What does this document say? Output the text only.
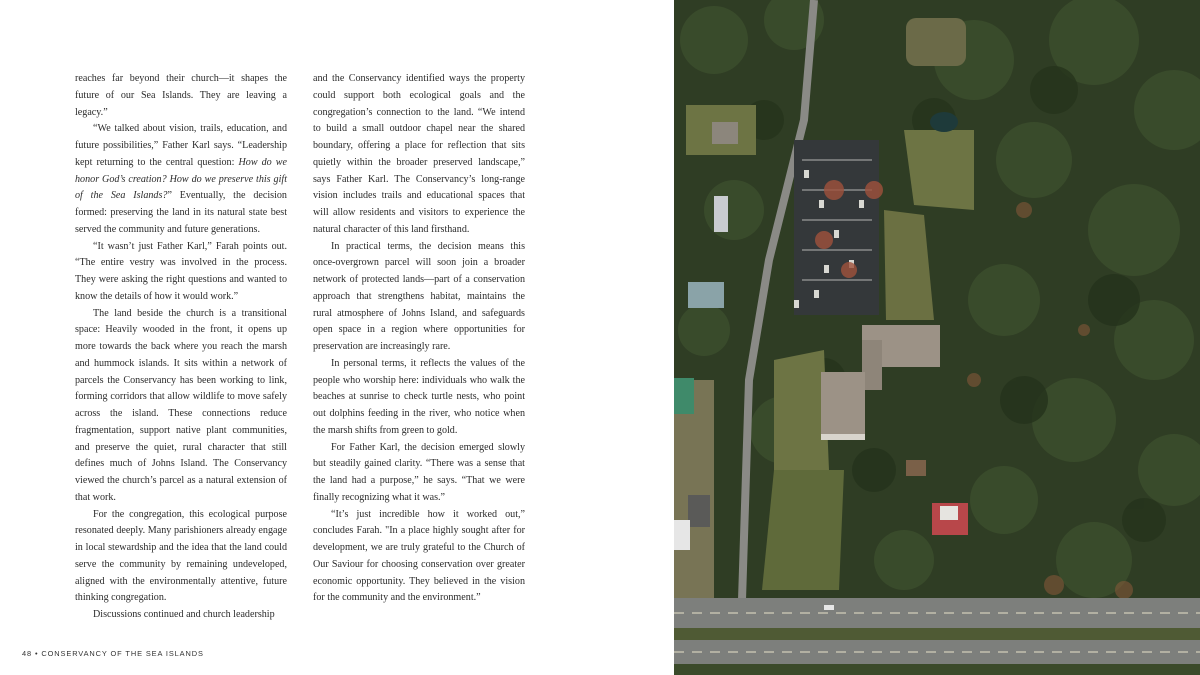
reaches far beyond their church—it shapes the future of our Sea Islands. They are leaving a legacy.”

“We talked about vision, trails, education, and future possibilities,” Father Karl says. “Leadership kept returning to the central question: How do we honor God’s creation? How do we preserve this gift of the Sea Islands?” Eventually, the decision formed: preserving the land in its natural state best served the community and future generations.

“It wasn’t just Father Karl,” Farah points out. “The entire vestry was involved in the process. They were asking the right questions and wanted to know the details of how it would work.”

The land beside the church is a transitional space: Heavily wooded in the front, it opens up more towards the back where you reach the marsh and hummock islands. It sits within a network of parcels the Conservancy has been working to link, forming corridors that allow wildlife to move safely across the island. These connections reduce fragmentation, support native plant communities, and preserve the quiet, rural character that still defines much of Johns Island. The Conservancy viewed the church’s parcel as a natural extension of that work.

For the congregation, this ecological purpose resonated deeply. Many parishioners already engage in local stewardship and the idea that the land could serve the community by remaining undeveloped, aligned with the environmentally attentive, future thinking congregation.

Discussions continued and church leadership

and the Conservancy identified ways the property could support both ecological goals and the congregation’s connection to the land. “We intend to build a small outdoor chapel near the shared boundary, offering a place for reflection that sits quietly within the broader preserved landscape,” says Father Karl. The Conservancy’s long-range vision includes trails and educational spaces that will allow residents and visitors to experience the natural character of this land firsthand.

In practical terms, the decision means this once-overgrown parcel will soon join a broader network of protected lands—part of a conservation approach that strengthens habitat, maintains the rural atmosphere of Johns Island, and safeguards open space in a region where opportunities for preservation are increasingly rare.

In personal terms, it reflects the values of the people who worship here: individuals who walk the beaches at sunrise to check turtle nests, who point out dolphins feeding in the river, who notice when the marsh shifts from green to gold.

For Father Karl, the decision emerged slowly but steadily gained clarity. “There was a sense that the land had a purpose,” he says. “That we were finally recognizing what it was.”

“It’s just incredible how it worked out,” concludes Farah. "In a place highly sought after for development, we are truly grateful to the Church of Our Saviour for choosing conservation over greater economic opportunity. They believed in the vision for the community and the environment.”

48 • CONSERVANCY OF THE SEA ISLANDS
